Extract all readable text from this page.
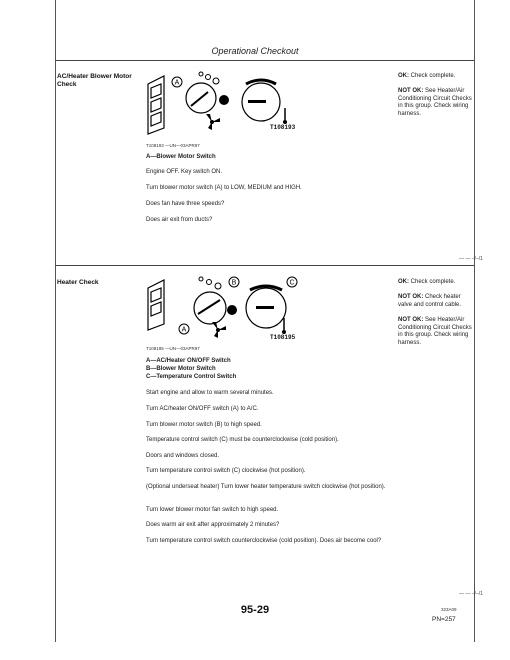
Operational Checkout
AC/Heater Blower Motor Check	A
T108193
T108193 —UN—03APR97
A—Blower Motor Switch
Engine OFF. Key switch ON.
Turn blower motor switch (A) to LOW, MEDIUM and HIGH.
Does fan have three speeds?
Does air exit from ducts?
OK: Check complete.
NOT OK: See Heater/Air Conditioning Circuit Checks in this group. Check wiring harness.
— — –/–/1
Heater Check
A
B	C
T108195
T108195 —UN—03APR97
A—AC/Heater ON/OFF Switch
B—Blower Motor Switch
C—Temperature Control Switch
Start engine and allow to warm several minutes.
Turn AC/heater ON/OFF switch (A) to A/C.
Turn blower motor switch (B) to high speed.
Temperature control switch (C) must be counterclockwise (cold position).
Doors and windows closed.
Turn temperature control switch (C) clockwise (hot position).
(Optional underseat heater) Turn lower heater temperature switch clockwise (hot position).
Turn lower blower motor fan switch to high speed.
Does warm air exit after approximately 2 minutes?
Turn temperature control switch counterclockwise (cold position). Does air become cool?
OK: Check complete.
NOT OK: Check heater valve and control cable.
NOT OK: See Heater/Air Conditioning Circuit Checks in this group. Check wiring harness.
— — –/–/1
95-29	323A09
PN=257
